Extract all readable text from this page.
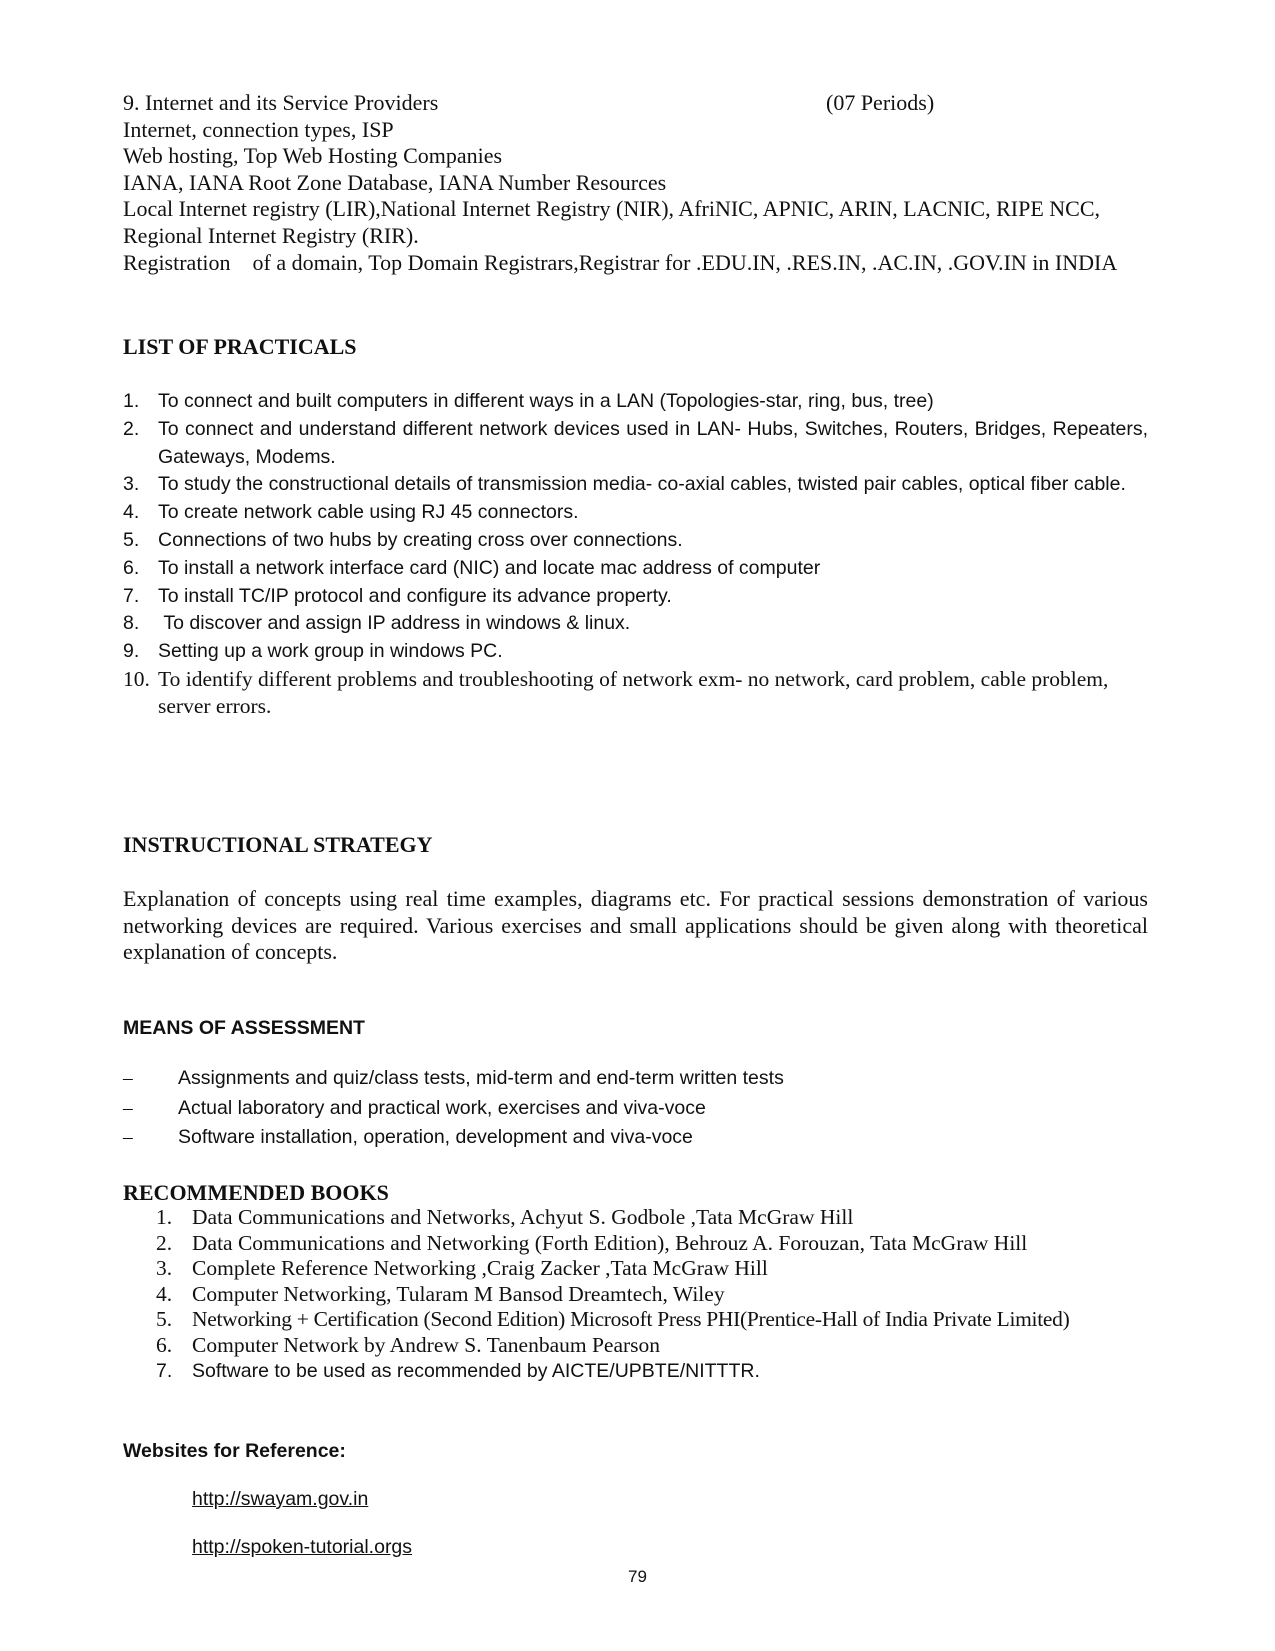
9. Internet and its Service Providers	(07 Periods)

Internet, connection types, ISP

Web hosting, Top Web Hosting Companies

IANA, IANA Root Zone Database, IANA Number Resources

Local Internet registry (LIR),National Internet Registry (NIR), AfriNIC, APNIC, ARIN, LACNIC, RIPE NCC, Regional Internet Registry (RIR).

Registration    of a domain, Top Domain Registrars,Registrar for .EDU.IN, .RES.IN, .AC.IN, .GOV.IN in INDIA

LIST OF PRACTICALS
1. To connect and built computers in different ways in a LAN (Topologies-star, ring, bus, tree)
2. To connect and understand different network devices used in LAN- Hubs, Switches, Routers, Bridges, Repeaters, Gateways, Modems.
3. To study the constructional details of transmission media- co-axial cables, twisted pair cables, optical fiber cable.
4. To create network cable using RJ 45 connectors.
5. Connections of two hubs by creating cross over connections.
6. To install a network interface card (NIC) and locate mac address of computer
7. To install TC/IP protocol and configure its advance property.
8. To discover and assign IP address in windows & linux.
9. Setting up a work group in windows PC.
10. To identify different problems and troubleshooting of network exm- no network, card problem, cable problem, server errors.
INSTRUCTIONAL STRATEGY

Explanation of concepts using real time examples, diagrams etc. For practical sessions demonstration of various networking devices are required. Various exercises and small applications should be given along with theoretical explanation of concepts.

MEANS OF ASSESSMENT
–	Assignments and quiz/class tests, mid-term and end-term written tests
–	Actual laboratory and practical work, exercises and viva-voce
–	Software installation, operation, development and viva-voce
RECOMMENDED BOOKS
1. Data Communications and Networks, Achyut S. Godbole ,Tata McGraw Hill
2. Data Communications and Networking (Forth Edition), Behrouz A. Forouzan, Tata McGraw Hill
3. Complete Reference Networking ,Craig Zacker ,Tata McGraw Hill
4. Computer Networking, Tularam M Bansod Dreamtech, Wiley
5. Networking + Certification (Second Edition) Microsoft Press PHI(Prentice-Hall of India Private Limited)
6. Computer Network by Andrew S. Tanenbaum Pearson
7.	Software to be used as recommended by AICTE/UPBTE/NITTTR.
Websites for Reference:
http://swayam.gov.in
http://spoken-tutorial.orgs
79
